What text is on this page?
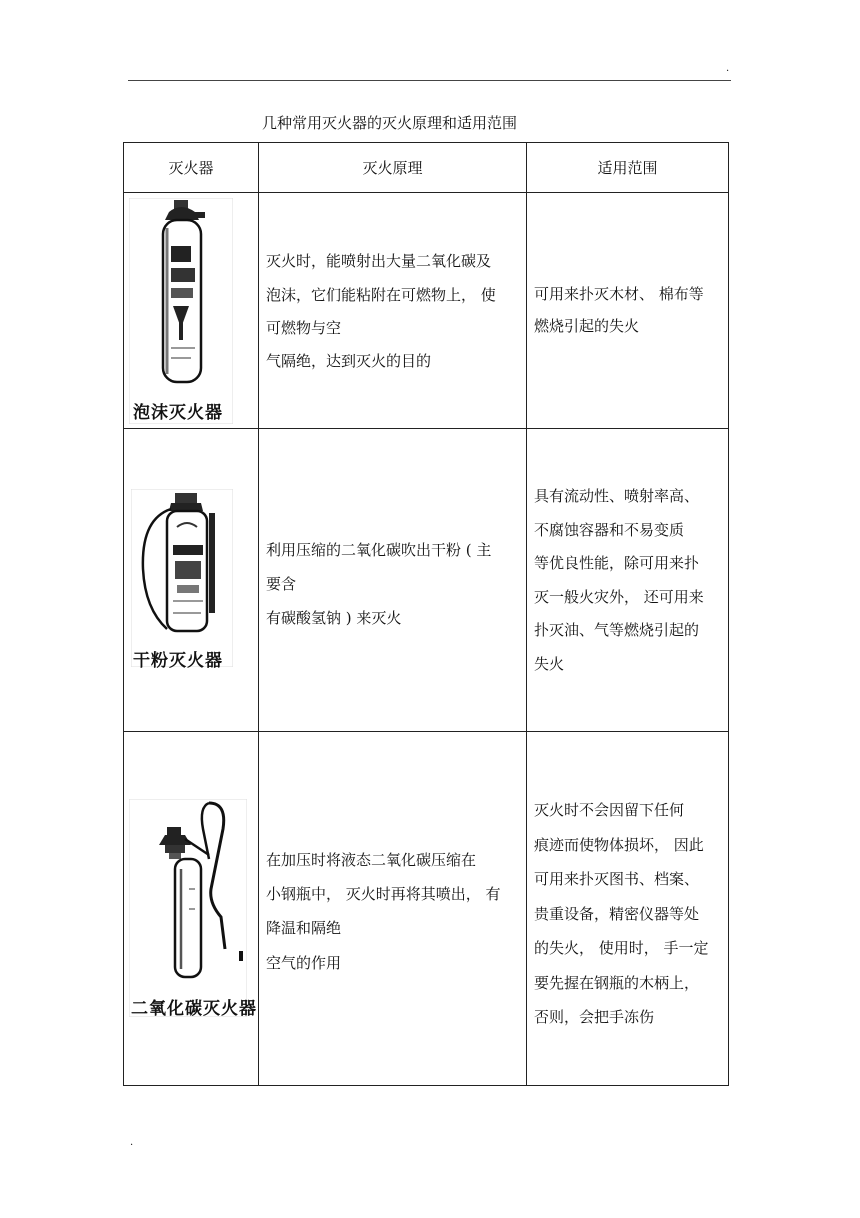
.
几种常用灭火器的灭火原理和适用范围
灭火器	灭火原理	适用范围
泡沫灭火器
灭火时，能喷射出大量二氧化碳及
泡沫，它们能粘附在可燃物上， 使
可燃物与空
气隔绝，达到灭火的目的
可用来扑灭木材、 棉布等
燃烧引起的失火
干粉灭火器
利用压缩的二氧化碳吹出干粉 ( 主
要含
有碳酸氢钠 ) 来灭火
具有流动性、喷射率高、
不腐蚀容器和不易变质
等优良性能，除可用来扑
灭一般火灾外， 还可用来
扑灭油、气等燃烧引起的
失火
二氧化碳灭火器
在加压时将液态二氧化碳压缩在
小钢瓶中， 灭火时再将其喷出， 有
降温和隔绝
空气的作用
灭火时不会因留下任何
痕迹而使物体损坏， 因此
可用来扑灭图书、档案、
贵重设备，精密仪器等处
的失火， 使用时， 手一定
要先握在钢瓶的木柄上，
否则，会把手冻伤
.
